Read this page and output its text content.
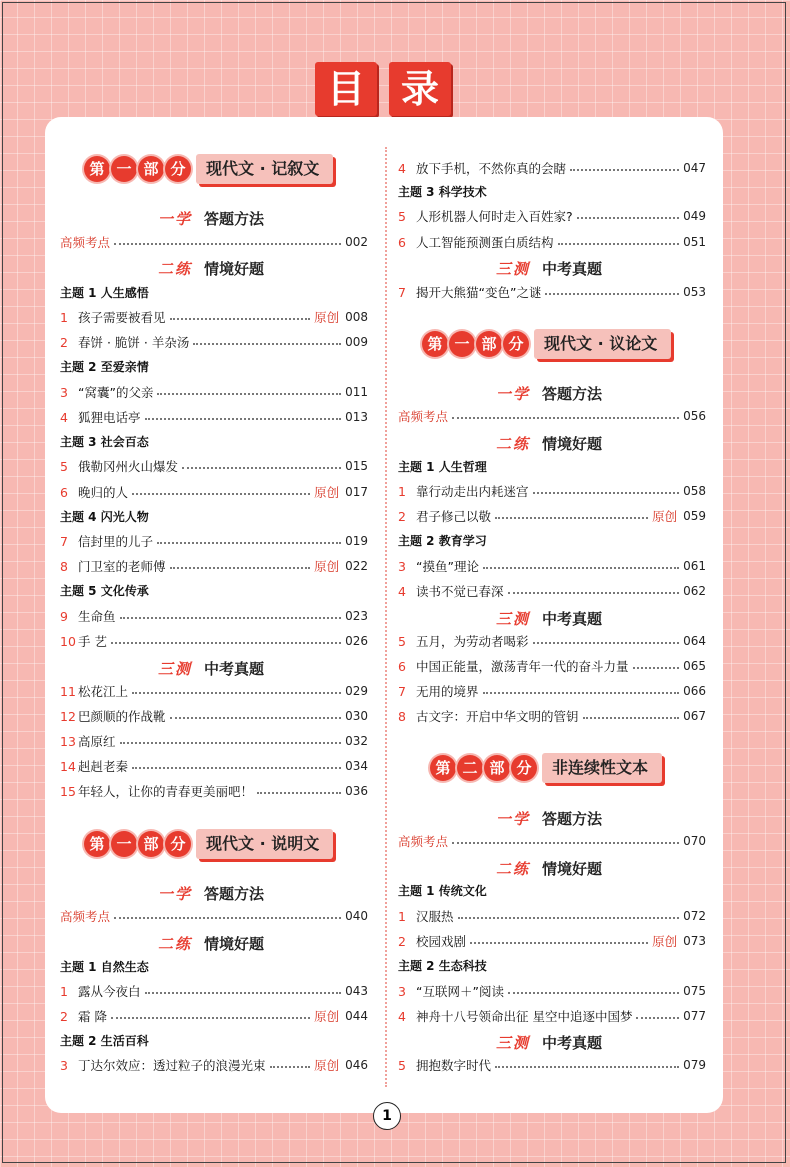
目 录
第 一 部 分	现代文 · 记叙文
一学 答题方法
高频考点	002
二练 情境好题
主题 1 人生感悟
1 孩子需要被看见	原创 008
2 春饼 · 脆饼 · 羊杂汤	009
主题 2 至爱亲情
3 “窝囊”的父亲	011
4 狐狸电话亭	013
主题 3 社会百态
5 俄勒冈州火山爆发	015
6 晚归的人	原创 017
主题 4 闪光人物
7 信封里的儿子	019
8 门卫室的老师傅	原创 022
主题 5 文化传承
9 生命鱼	023
10 手 艺	026
三测 中考真题
11 松花江上	029
12 巴颜顺的作战靴	030
13 高原红	032
14 赳赳老秦	034
15 年轻人，让你的青春更美丽吧！	036
第 一 部 分	现代文 · 说明文
一学 答题方法
高频考点	040
二练 情境好题
主题 1 自然生态
1 露从今夜白	043
2 霜 降	原创 044
主题 2 生活百科
3 丁达尔效应：透过粒子的浪漫光束	原创 046
4 放下手机，不然你真的会瞎	047
主题 3 科学技术
5 人形机器人何时走入百姓家?	049
6 人工智能预测蛋白质结构	051
三测 中考真题
7 揭开大熊猫“变色”之谜	053
第 一 部 分	现代文 · 议论文
一学 答题方法
高频考点	056
二练 情境好题
主题 1 人生哲理
1 靠行动走出内耗迷宫	058
2 君子修己以敬	原创 059
主题 2 教育学习
3 “摸鱼”理论	061
4 读书不觉已春深	062
三测 中考真题
5 五月，为劳动者喝彩	064
6 中国正能量，激荡青年一代的奋斗力量	065
7 无用的境界	066
8 古文字：开启中华文明的管钥	067
第 二 部 分	非连续性文本
一学 答题方法
高频考点	070
二练 情境好题
主题 1 传统文化
1 汉服热	072
2 校园戏剧	原创 073
主题 2 生态科技
3 “互联网＋”阅读	075
4 神舟十八号领命出征 星空中追逐中国梦	077
三测 中考真题
5 拥抱数字时代	079
1
